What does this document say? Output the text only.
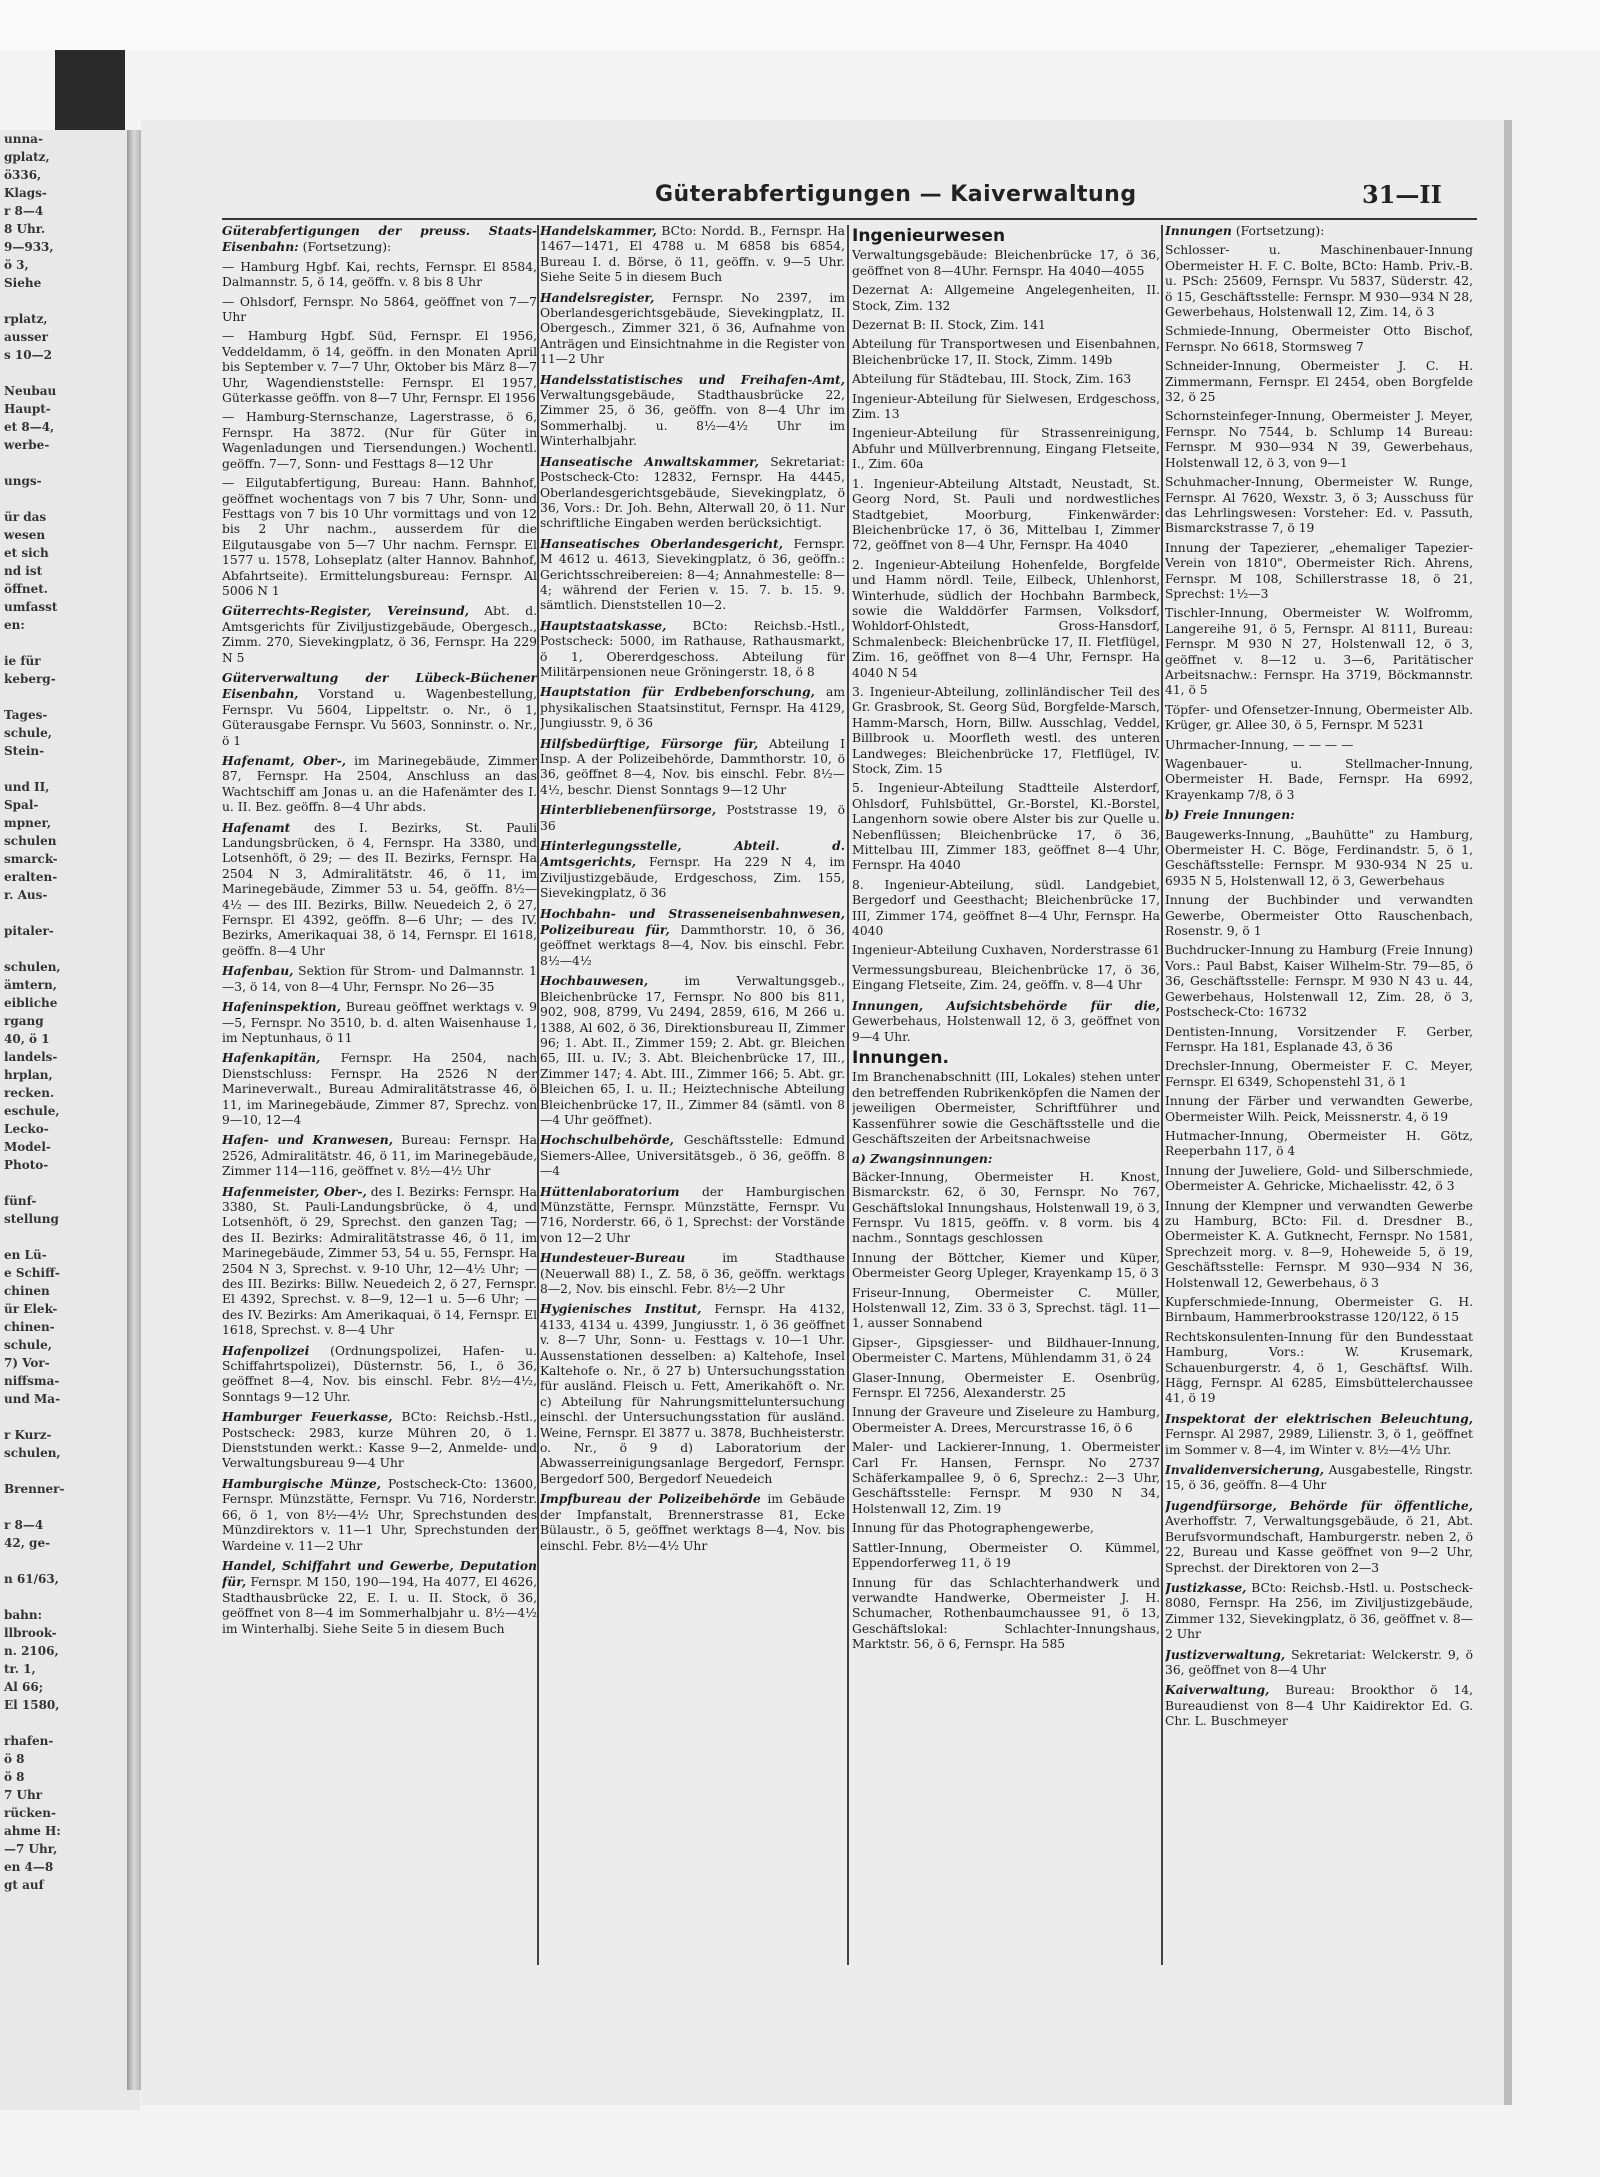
unna-
gplatz,
ö336,
Klags-
r 8—4
8 Uhr.
9—933,
ö 3,
Siehe

rplatz,
ausser
s 10—2

Neubau
Haupt-
et 8—4,
werbe-

ungs-

ür das
wesen
et sich
nd ist
öffnet.
umfasst
en:

ie für
keberg-

Tages-
schule,
Stein-

und II,
Spal-
mpner,
schulen
smarck-
eralten-
r. Aus-

pitaler-

schulen,
ämtern,
eibliche
rgang
40, ö 1
landels-
hrplan,
recken.
eschule,
Lecko-
Model-
Photo-

fünf-
stellung

en Lü-
e Schiff-
chinen
ür Elek-
chinen-
schule,
7) Vor-
niffsma-
und Ma-

r Kurz-
schulen,

Brenner-

r 8—4
42, ge-

n 61/63,

bahn:
llbrook-
n. 2106,
tr. 1,
Al 66;
El 1580,

rhafen-
ö 8
ö 8
7 Uhr
rücken-
ahme H:
—7 Uhr,
en 4—8
gt auf
Güterabfertigungen — Kaiverwaltung	31—II
Güterabfertigungen der preuss. Staats-Eisenbahn: (Fortsetzung):
— Hamburg Hgbf. Kai, rechts, Fernspr. El 8584, Dalmannstr. 5, ö 14, geöffn. v. 8 bis 8 Uhr
— Ohlsdorf, Fernspr. No 5864, geöffnet von 7—7 Uhr
— Hamburg Hgbf. Süd, Fernspr. El 1956, Veddeldamm, ö 14, geöffn. in den Monaten April bis September v. 7—7 Uhr, Oktober bis März 8—7 Uhr, Wagendienststelle: Fernspr. El 1957, Güterkasse geöffn. von 8—7 Uhr, Fernspr. El 1956
— Hamburg-Sternschanze, Lagerstrasse, ö 6, Fernspr. Ha 3872. (Nur für Güter in Wagenladungen und Tiersendungen.) Wochentl. geöffn. 7—7, Sonn- und Festtags 8—12 Uhr
— Eilgutabfertigung, Bureau: Hann. Bahnhof, geöffnet wochentags von 7 bis 7 Uhr, Sonn- und Festtags von 7 bis 10 Uhr vormittags und von 12 bis 2 Uhr nachm., ausserdem für die Eilgutausgabe von 5—7 Uhr nachm. Fernspr. El 1577 u. 1578, Lohseplatz (alter Hannov. Bahnhof, Abfahrtseite). Ermittelungsbureau: Fernspr. Al 5006 N 1
Güterrechts-Register, Vereinsund, Abt. d. Amtsgerichts für Ziviljustizgebäude, Obergesch., Zimm. 270, Sievekingplatz, ö 36, Fernspr. Ha 229 N 5
Güterverwaltung der Lübeck-Büchener Eisenbahn, Vorstand u. Wagenbestellung, Fernspr. Vu 5604, Lippeltstr. o. Nr., ö 1, Güterausgabe Fernspr. Vu 5603, Sonninstr. o. Nr., ö 1
Hafenamt, Ober-, im Marinegebäude, Zimmer 87, Fernspr. Ha 2504, Anschluss an das Wachtschiff am Jonas u. an die Hafenämter des I. u. II. Bez. geöffn. 8—4 Uhr abds.
Hafenamt des I. Bezirks, St. Pauli Landungsbrücken, ö 4, Fernspr. Ha 3380, und Lotsenhöft, ö 29; — des II. Bezirks, Fernspr. Ha 2504 N 3, Admiralitätstr. 46, ö 11, im Marinegebäude, Zimmer 53 u. 54, geöffn. 8½—4½ — des III. Bezirks, Billw. Neuedeich 2, ö 27, Fernspr. El 4392, geöffn. 8—6 Uhr; — des IV. Bezirks, Amerikaquai 38, ö 14, Fernspr. El 1618, geöffn. 8—4 Uhr
Hafenbau, Sektion für Strom- und Dalmannstr. 1—3, ö 14, von 8—4 Uhr, Fernspr. No 26—35
Hafeninspektion, Bureau geöffnet werktags v. 9—5, Fernspr. No 3510, b. d. alten Waisenhause 1, im Neptunhaus, ö 11
Hafenkapitän, Fernspr. Ha 2504, nach Dienstschluss: Fernspr. Ha 2526 N der Marineverwalt., Bureau Admiralitätstrasse 46, ö 11, im Marinegebäude, Zimmer 87, Sprechz. von 9—10, 12—4
Hafen- und Kranwesen, Bureau: Fernspr. Ha 2526, Admiralitätstr. 46, ö 11, im Marinegebäude, Zimmer 114—116, geöffnet v. 8½—4½ Uhr
Hafenmeister, Ober-, des I. Bezirks: Fernspr. Ha 3380, St. Pauli-Landungsbrücke, ö 4, und Lotsenhöft, ö 29, Sprechst. den ganzen Tag; — des II. Bezirks: Admiralitätstrasse 46, ö 11, im Marinegebäude, Zimmer 53, 54 u. 55, Fernspr. Ha 2504 N 3, Sprechst. v. 9-10 Uhr, 12—4½ Uhr; — des III. Bezirks: Billw. Neuedeich 2, ö 27, Fernspr. El 4392, Sprechst. v. 8—9, 12—1 u. 5—6 Uhr; — des IV. Bezirks: Am Amerikaquai, ö 14, Fernspr. El 1618, Sprechst. v. 8—4 Uhr
Hafenpolizei (Ordnungspolizei, Hafen- u. Schiffahrtspolizei), Düsternstr. 56, I., ö 36, geöffnet 8—4, Nov. bis einschl. Febr. 8½—4½, Sonntags 9—12 Uhr.
Hamburger Feuerkasse, BCto: Reichsb.-Hstl., Postscheck: 2983, kurze Mühren 20, ö 1. Dienststunden werkt.: Kasse 9—2, Anmelde- und Verwaltungsbureau 9—4 Uhr
Hamburgische Münze, Postscheck-Cto: 13600, Fernspr. Münzstätte, Fernspr. Vu 716, Norderstr. 66, ö 1, von 8½—4½ Uhr, Sprechstunden des Münzdirektors v. 11—1 Uhr, Sprechstunden der Wardeine v. 11—2 Uhr
Handel, Schiffahrt und Gewerbe, Deputation für, Fernspr. M 150, 190—194, Ha 4077, El 4626, Stadthausbrücke 22, E. I. u. II. Stock, ö 36, geöffnet von 8—4 im Sommerhalbjahr u. 8½—4½ im Winterhalbj. Siehe Seite 5 in diesem Buch
Handelskammer, BCto: Nordd. B., Fernspr. Ha 1467—1471, El 4788 u. M 6858 bis 6854, Bureau I. d. Börse, ö 11, geöffn. v. 9—5 Uhr. Siehe Seite 5 in diesem Buch
Handelsregister, Fernspr. No 2397, im Oberlandesgerichtsgebäude, Sievekingplatz, II. Obergesch., Zimmer 321, ö 36, Aufnahme von Anträgen und Einsichtnahme in die Register von 11—2 Uhr
Handelsstatistisches und Freihafen-Amt, Verwaltungsgebäude, Stadthausbrücke 22, Zimmer 25, ö 36, geöffn. von 8—4 Uhr im Sommerhalbj. u. 8½—4½ Uhr im Winterhalbjahr.
Hanseatische Anwaltskammer, Sekretariat: Postscheck-Cto: 12832, Fernspr. Ha 4445, Oberlandesgerichtsgebäude, Sievekingplatz, ö 36, Vors.: Dr. Joh. Behn, Alterwall 20, ö 11. Nur schriftliche Eingaben werden berücksichtigt.
Hanseatisches Oberlandesgericht, Fernspr. M 4612 u. 4613, Sievekingplatz, ö 36, geöffn.: Gerichtsschreibereien: 8—4; Annahmestelle: 8—4; während der Ferien v. 15. 7. b. 15. 9. sämtlich. Dienststellen 10—2.
Hauptstaatskasse, BCto: Reichsb.-Hstl., Postscheck: 5000, im Rathause, Rathausmarkt, ö 1, Obererdgeschoss. Abteilung für Militärpensionen neue Gröningerstr. 18, ö 8
Hauptstation für Erdbebenforschung, am physikalischen Staatsinstitut, Fernspr. Ha 4129, Jungiusstr. 9, ö 36
Hilfsbedürftige, Fürsorge für, Abteilung I Insp. A der Polizeibehörde, Dammthorstr. 10, ö 36, geöffnet 8—4, Nov. bis einschl. Febr. 8½—4½, beschr. Dienst Sonntags 9—12 Uhr
Hinterbliebenenfürsorge, Poststrasse 19, ö 36
Hinterlegungsstelle, Abteil. d. Amtsgerichts, Fernspr. Ha 229 N 4, im Ziviljustizgebäude, Erdgeschoss, Zim. 155, Sievekingplatz, ö 36
Hochbahn- und Strasseneisenbahnwesen, Polizeibureau für, Dammthorstr. 10, ö 36, geöffnet werktags 8—4, Nov. bis einschl. Febr. 8½—4½
Hochbauwesen,	im Verwaltungsgeb., Bleichenbrücke 17, Fernspr. No 800 bis 811, 902, 908, 8799, Vu 2494, 2859, 616, M 266 u. 1388, Al 602, ö 36, Direktionsbureau II, Zimmer 96; 1. Abt. II., Zimmer 159; 2. Abt. gr. Bleichen 65, III. u. IV.; 3. Abt. Bleichenbrücke 17, III., Zimmer 147; 4. Abt. III., Zimmer 166; 5. Abt. gr. Bleichen 65, I. u. II.; Heiztechnische Abteilung Bleichenbrücke 17, II., Zimmer 84 (sämtl. von 8—4 Uhr geöffnet).
Hochschulbehörde, Geschäftsstelle: Edmund Siemers-Allee, Universitätsgeb., ö 36, geöffn. 8—4
Hüttenlaboratorium der Hamburgischen Münzstätte, Fernspr. Münzstätte, Fernspr. Vu 716, Norderstr. 66, ö 1, Sprechst: der Vorstände von 12—2 Uhr
Hundesteuer-Bureau	im Stadthause (Neuerwall 88) I., Z. 58, ö 36, geöffn. werktags 8—2, Nov. bis einschl. Febr. 8½—2 Uhr
Hygienisches Institut, Fernspr. Ha 4132, 4133, 4134 u. 4399, Jungiusstr. 1, ö 36 geöffnet v. 8—7 Uhr, Sonn- u. Festtags v. 10—1 Uhr. Aussenstationen desselben: a) Kaltehofe, Insel Kaltehofe o. Nr., ö 27 b) Untersuchungsstation für ausländ. Fleisch u. Fett, Amerikahöft o. Nr. c) Abteilung für Nahrungsmitteluntersuchung einschl. der Untersuchungsstation für ausländ. Weine, Fernspr. El 3877 u. 3878, Buchheisterstr. o. Nr., ö 9 d) Laboratorium der Abwasserreinigungsanlage Bergedorf, Fernspr. Bergedorf 500, Bergedorf Neuedeich
Impfbureau der Polizeibehörde im Gebäude der Impfanstalt, Brennerstrasse 81, Ecke Bülaustr., ö 5, geöffnet werktags 8—4, Nov. bis einschl. Febr. 8½—4½ Uhr
Ingenieurwesen
Verwaltungsgebäude: Bleichenbrücke 17, ö 36, geöffnet von 8—4Uhr. Fernspr. Ha 4040—4055
Dezernat A: Allgemeine Angelegenheiten, II. Stock, Zim. 132
Dezernat B: II. Stock, Zim. 141
Abteilung für Transportwesen und Eisenbahnen, Bleichenbrücke 17, II. Stock, Zimm. 149b
Abteilung für Städtebau, III. Stock, Zim. 163
Ingenieur-Abteilung für Sielwesen, Erdgeschoss, Zim. 13
Ingenieur-Abteilung für Strassenreinigung, Abfuhr und Müllverbrennung, Eingang Fletseite, I., Zim. 60a
1. Ingenieur-Abteilung Altstadt, Neustadt, St. Georg Nord, St. Pauli und nordwestliches Stadtgebiet, Moorburg, Finkenwärder: Bleichenbrücke 17, ö 36, Mittelbau I, Zimmer 72, geöffnet von 8—4 Uhr, Fernspr. Ha 4040
2. Ingenieur-Abteilung Hohenfelde, Borgfelde und Hamm nördl. Teile, Eilbeck, Uhlenhorst, Winterhude, südlich der Hochbahn Barmbeck, sowie die Walddörfer Farmsen, Volksdorf, Wohldorf-Ohlstedt, Gross-Hansdorf, Schmalenbeck: Bleichenbrücke 17, II. Fletflügel, Zim. 16, geöffnet von 8—4 Uhr, Fernspr. Ha 4040 N 54
3. Ingenieur-Abteilung, zollinländischer Teil des Gr. Grasbrook, St. Georg Süd, Borgfelde-Marsch, Hamm-Marsch, Horn, Billw. Ausschlag, Veddel, Billbrook u. Moorfleth westl. des unteren Landweges: Bleichenbrücke 17, Fletflügel, IV. Stock, Zim. 15
5. Ingenieur-Abteilung Stadtteile Alsterdorf, Ohlsdorf, Fuhlsbüttel, Gr.-Borstel, Kl.-Borstel, Langenhorn sowie obere Alster bis zur Quelle u. Nebenflüssen; Bleichenbrücke 17, ö 36, Mittelbau III, Zimmer 183, geöffnet 8—4 Uhr, Fernspr. Ha 4040
8. Ingenieur-Abteilung, südl. Landgebiet, Bergedorf und Geesthacht; Bleichenbrücke 17, III, Zimmer 174, geöffnet 8—4 Uhr, Fernspr. Ha 4040
Ingenieur-Abteilung Cuxhaven, Norderstrasse 61
Vermessungsbureau, Bleichenbrücke 17, ö 36, Eingang Fletseite, Zim. 24, geöffn. v. 8—4 Uhr
Innungen, Aufsichtsbehörde für die, Gewerbehaus, Holstenwall 12, ö 3, geöffnet von 9—4 Uhr.
Innungen.
Im Branchenabschnitt (III, Lokales) stehen unter den betreffenden Rubrikenköpfen die Namen der jeweiligen Obermeister, Schriftführer und Kassenführer sowie die Geschäftsstelle und die Geschäftszeiten der Arbeitsnachweise
a) Zwangsinnungen:
Bäcker-Innung, Obermeister H. Knost, Bismarckstr. 62, ö 30, Fernspr. No 767, Geschäftslokal Innungshaus, Holstenwall 19, ö 3, Fernspr. Vu 1815, geöffn. v. 8 vorm. bis 4 nachm., Sonntags geschlossen
Innung der Böttcher, Kiemer und Küper, Obermeister Georg Upleger, Krayenkamp 15, ö 3
Friseur-Innung, Obermeister C. Müller, Holstenwall 12, Zim. 33 ö 3, Sprechst. tägl. 11—1, ausser Sonnabend
Gipser-, Gipsgiesser- und Bildhauer-Innung, Obermeister C. Martens, Mühlendamm 31, ö 24
Glaser-Innung, Obermeister E. Osenbrüg, Fernspr. El 7256, Alexanderstr. 25
Innung der Graveure und Ziseleure zu Hamburg, Obermeister A. Drees, Mercurstrasse 16, ö 6
Maler- und Lackierer-Innung, 1. Obermeister Carl Fr. Hansen, Fernspr. No 2737 Schäferkampallee 9, ö 6, Sprechz.: 2—3 Uhr, Geschäftsstelle: Fernspr. M 930 N 34, Holstenwall 12, Zim. 19
Innung für das Photographengewerbe,
Sattler-Innung, Obermeister O. Kümmel, Eppendorferweg 11, ö 19
Innung für das Schlachterhandwerk und verwandte Handwerke, Obermeister J. H. Schumacher, Rothenbaumchaussee 91, ö 13, Geschäftslokal: Schlachter-Innungshaus, Marktstr. 56, ö 6, Fernspr. Ha 585
Innungen (Fortsetzung):
Schlosser- u. Maschinenbauer-Innung Obermeister H. F. C. Bolte, BCto: Hamb. Priv.-B. u. PSch: 25609, Fernspr. Vu 5837, Süderstr. 42, ö 15, Geschäftsstelle: Fernspr. M 930—934 N 28, Gewerbehaus, Holstenwall 12, Zim. 14, ö 3
Schmiede-Innung, Obermeister Otto Bischof, Fernspr. No 6618, Stormsweg 7
Schneider-Innung, Obermeister J. C. H. Zimmermann, Fernspr. El 2454, oben Borgfelde 32, ö 25
Schornsteinfeger-Innung, Obermeister J. Meyer, Fernspr. No 7544, b. Schlump 14 Bureau: Fernspr. M 930—934 N 39, Gewerbehaus, Holstenwall 12, ö 3, von 9—1
Schuhmacher-Innung, Obermeister W. Runge, Fernspr. Al 7620, Wexstr. 3, ö 3; Ausschuss für das Lehrlingswesen: Vorsteher: Ed. v. Passuth, Bismarckstrasse 7, ö 19
Innung der Tapezierer, „ehemaliger Tapezier-Verein von 1810", Obermeister Rich. Ahrens, Fernspr. M 108, Schillerstrasse 18, ö 21, Sprechst: 1½—3
Tischler-Innung, Obermeister W. Wolfromm, Langereihe 91, ö 5, Fernspr. Al 8111, Bureau: Fernspr. M 930 N 27, Holstenwall 12, ö 3, geöffnet v. 8—12 u. 3—6, Paritätischer Arbeitsnachw.: Fernspr. Ha 3719, Böckmannstr. 41, ö 5
Töpfer- und Ofensetzer-Innung, Obermeister Alb. Krüger, gr. Allee 30, ö 5, Fernspr. M 5231
Uhrmacher-Innung, — — — —
Wagenbauer- u. Stellmacher-Innung, Obermeister H. Bade, Fernspr. Ha 6992, Krayenkamp 7/8, ö 3
b) Freie Innungen:
Baugewerks-Innung, „Bauhütte" zu Hamburg, Obermeister H. C. Böge, Ferdinandstr. 5, ö 1, Geschäftsstelle: Fernspr. M 930-934 N 25 u. 6935 N 5, Holstenwall 12, ö 3, Gewerbehaus
Innung der Buchbinder und verwandten Gewerbe, Obermeister Otto Rauschenbach, Rosenstr. 9, ö 1
Buchdrucker-Innung zu Hamburg (Freie Innung) Vors.: Paul Babst, Kaiser Wilhelm-Str. 79—85, ö 36, Geschäftsstelle: Fernspr. M 930 N 43 u. 44, Gewerbehaus, Holstenwall 12, Zim. 28, ö 3, Postscheck-Cto: 16732
Dentisten-Innung, Vorsitzender F. Gerber, Fernspr. Ha 181, Esplanade 43, ö 36
Drechsler-Innung, Obermeister F. C. Meyer, Fernspr. El 6349, Schopenstehl 31, ö 1
Innung der Färber und verwandten Gewerbe, Obermeister Wilh. Peick, Meissnerstr. 4, ö 19
Hutmacher-Innung, Obermeister H. Götz, Reeperbahn 117, ö 4
Innung der Juweliere, Gold- und Silberschmiede, Obermeister A. Gehricke, Michaelisstr. 42, ö 3
Innung der Klempner und verwandten Gewerbe zu Hamburg, BCto: Fil. d. Dresdner B., Obermeister K. A. Gutknecht, Fernspr. No 1581, Sprechzeit morg. v. 8—9, Hoheweide 5, ö 19, Geschäftsstelle: Fernspr. M 930—934 N 36, Holstenwall 12, Gewerbehaus, ö 3
Kupferschmiede-Innung, Obermeister G. H. Birnbaum, Hammerbrookstrasse 120/122, ö 15
Rechtskonsulenten-Innung für den Bundesstaat Hamburg, Vors.: W. Krusemark, Schauenburgerstr. 4, ö 1, Geschäftsf. Wilh. Hägg, Fernspr. Al 6285, Eimsbüttelerchaussee 41, ö 19
Inspektorat der elektrischen Beleuchtung, Fernspr. Al 2987, 2989, Lilienstr. 3, ö 1, geöffnet im Sommer v. 8—4, im Winter v. 8½—4½ Uhr.
Invalidenversicherung, Ausgabestelle, Ringstr. 15, ö 36, geöffn. 8—4 Uhr
Jugendfürsorge, Behörde für öffentliche, Averhoffstr. 7, Verwaltungsgebäude, ö 21, Abt. Berufsvormundschaft, Hamburgerstr. neben 2, ö 22, Bureau und Kasse geöffnet von 9—2 Uhr, Sprechst. der Direktoren von 2—3
Justizkasse, BCto: Reichsb.-Hstl. u. Postscheck-8080, Fernspr. Ha 256, im Ziviljustizgebäude, Zimmer 132, Sievekingplatz, ö 36, geöffnet v. 8—2 Uhr
Justizverwaltung, Sekretariat: Welckerstr. 9, ö 36, geöffnet von 8—4 Uhr
Kaiverwaltung, Bureau: Brookthor ö 14, Bureaudienst von 8—4 Uhr Kaidirektor Ed. G. Chr. L. Buschmeyer
